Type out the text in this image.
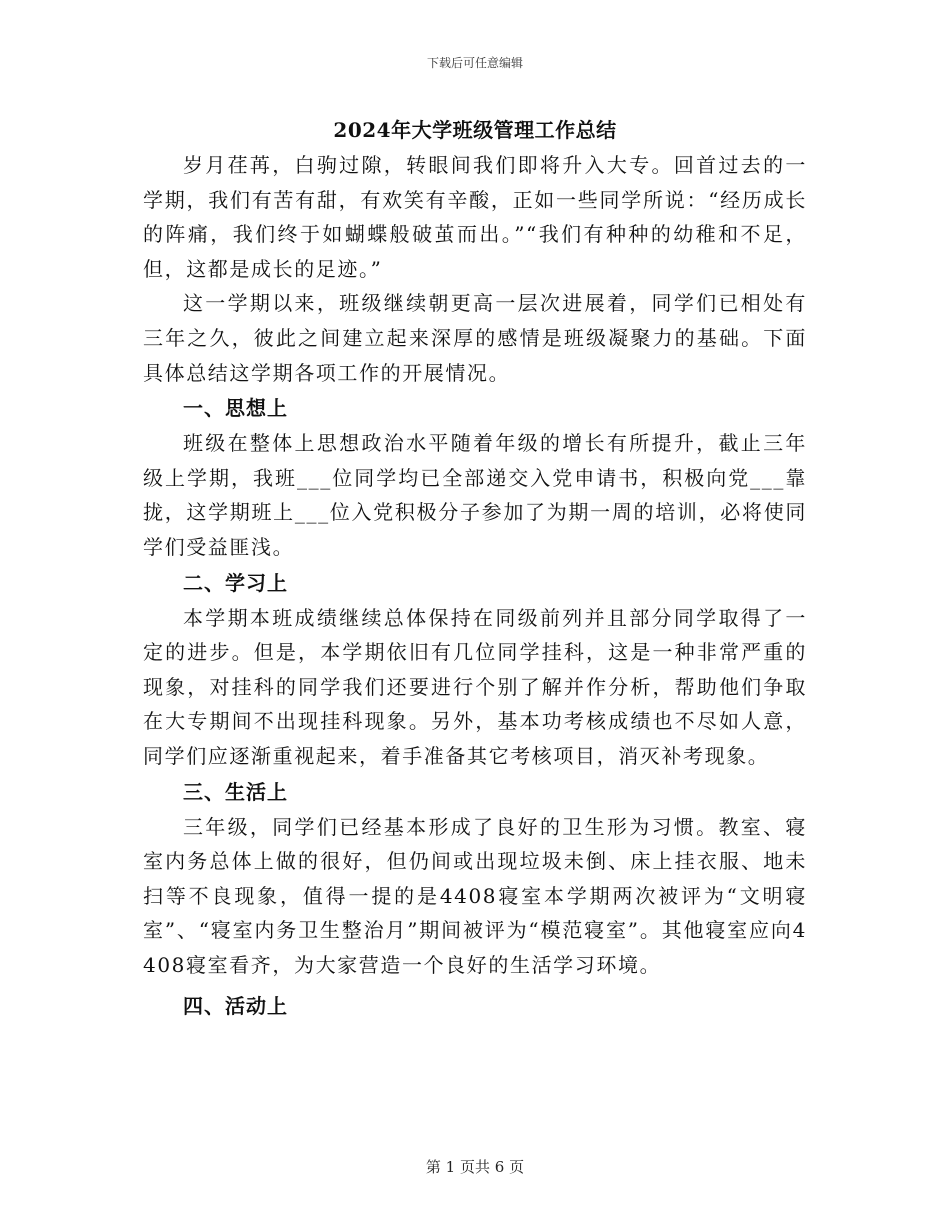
下载后可任意编辑
2024年大学班级管理工作总结

岁月荏苒，白驹过隙，转眼间我们即将升入大专。回首过去的一学期，我们有苦有甜，有欢笑有辛酸，正如一些同学所说：“经历成长的阵痛，我们终于如蝴蝶般破茧而出。”“我们有种种的幼稚和不足，但，这都是成长的足迹。”

这一学期以来，班级继续朝更高一层次进展着，同学们已相处有三年之久，彼此之间建立起来深厚的感情是班级凝聚力的基础。下面具体总结这学期各项工作的开展情况。

一、思想上

班级在整体上思想政治水平随着年级的增长有所提升，截止三年级上学期，我班___位同学均已全部递交入党申请书，积极向党___靠拢，这学期班上___位入党积极分子参加了为期一周的培训，必将使同学们受益匪浅。

二、学习上

本学期本班成绩继续总体保持在同级前列并且部分同学取得了一定的进步。但是，本学期依旧有几位同学挂科，这是一种非常严重的现象，对挂科的同学我们还要进行个别了解并作分析，帮助他们争取在大专期间不出现挂科现象。另外，基本功考核成绩也不尽如人意，同学们应逐渐重视起来，着手准备其它考核项目，消灭补考现象。

三、生活上

三年级，同学们已经基本形成了良好的卫生形为习惯。教室、寝室内务总体上做的很好，但仍间或出现垃圾未倒、床上挂衣服、地未扫等不良现象，值得一提的是4408寝室本学期两次被评为“文明寝室”、“寝室内务卫生整治月”期间被评为“模范寝室”。其他寝室应向4408寝室看齐，为大家营造一个良好的生活学习环境。

四、活动上
第 1 页共 6 页
